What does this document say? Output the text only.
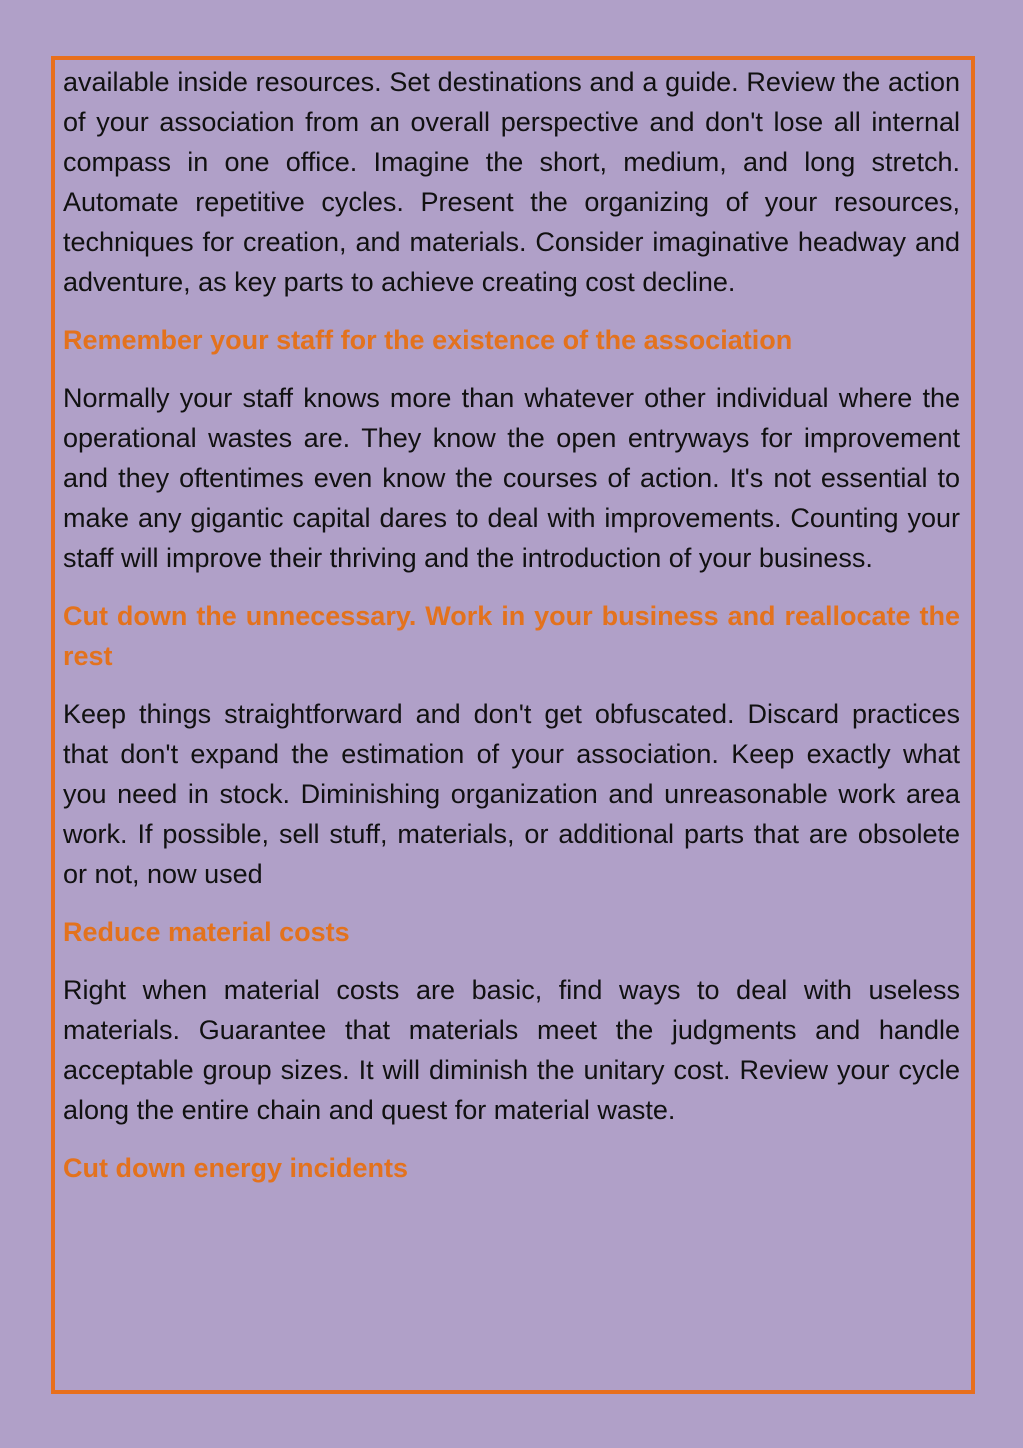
available inside resources. Set destinations and a guide. Review the action of your association from an overall perspective and don't lose all internal compass in one office. Imagine the short, medium, and long stretch. Automate repetitive cycles. Present the organizing of your resources, techniques for creation, and materials. Consider imaginative headway and adventure, as key parts to achieve creating cost decline.

Remember your staff for the existence of the association

Normally your staff knows more than whatever other individual where the operational wastes are. They know the open entryways for improvement and they oftentimes even know the courses of action. It's not essential to make any gigantic capital dares to deal with improvements. Counting your staff will improve their thriving and the introduction of your business.

Cut down the unnecessary. Work in your business and reallocate the rest

Keep things straightforward and don't get obfuscated. Discard practices that don't expand the estimation of your association. Keep exactly what you need in stock. Diminishing organization and unreasonable work area work. If possible, sell stuff, materials, or additional parts that are obsolete or not, now used

Reduce material costs

Right when material costs are basic, find ways to deal with useless materials. Guarantee that materials meet the judgments and handle acceptable group sizes. It will diminish the unitary cost. Review your cycle along the entire chain and quest for material waste.

Cut down energy incidents
